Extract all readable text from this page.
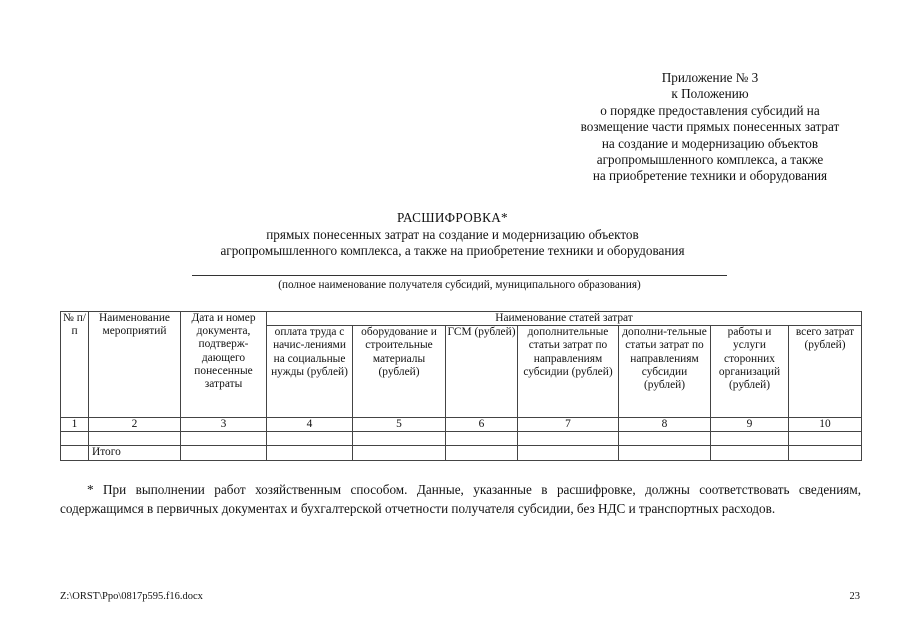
Приложение № 3
к Положению
о порядке предоставления субсидий на
возмещение части прямых понесенных затрат
на создание и модернизацию объектов
агропромышленного комплекса, а также
на приобретение техники и оборудования
РАСШИФРОВКА*
прямых понесенных затрат на создание и модернизацию объектов
агропромышленного комплекса, а также на приобретение техники и оборудования
(полное наименование получателя субсидий, муниципального образования)
№ п/п	Наименование мероприятий	Дата и номер документа, подтверж-дающего понесенные затраты	Наименование статей затрат						
			оплата труда с начис-лениями на социальные нужды (рублей)	оборудование и строительные материалы (рублей)	ГСМ (рублей)	дополнительные статьи затрат по направлениям субсидии (рублей)	дополни-тельные статьи затрат по направлениям субсидии (рублей)	работы и услуги сторонних организаций (рублей)	всего затрат (рублей)
1	2	3	4	5	6	7	8	9	10

	Итого								
* При выполнении работ хозяйственным способом. Данные, указанные в расшифровке, должны соответствовать сведениям, содержащимся в первичных документах и бухгалтерской отчетности получателя субсидии, без НДС и транспортных расходов.
Z:\ORST\Ppo\0817p595.f16.docx	23
